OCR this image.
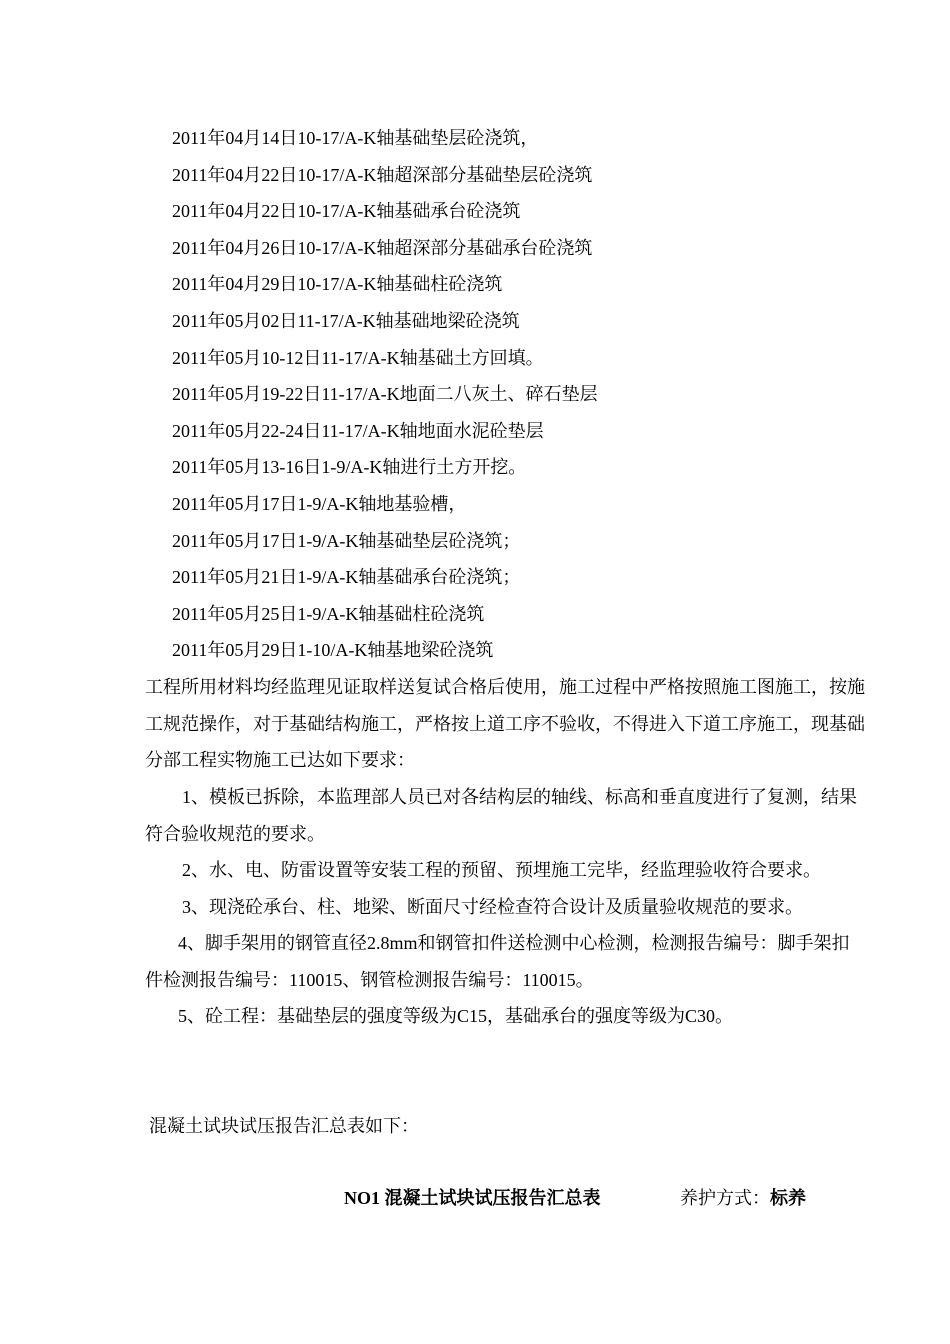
2011年04月14日10-17/A-K轴基础垫层砼浇筑，
2011年04月22日10-17/A-K轴超深部分基础垫层砼浇筑
2011年04月22日10-17/A-K轴基础承台砼浇筑
2011年04月26日10-17/A-K轴超深部分基础承台砼浇筑
2011年04月29日10-17/A-K轴基础柱砼浇筑
2011年05月02日11-17/A-K轴基础地梁砼浇筑
2011年05月10-12日11-17/A-K轴基础土方回填。
2011年05月19-22日11-17/A-K地面二八灰土、碎石垫层
2011年05月22-24日11-17/A-K轴地面水泥砼垫层
2011年05月13-16日1-9/A-K轴进行土方开挖。
2011年05月17日1-9/A-K轴地基验槽，
2011年05月17日1-9/A-K轴基础垫层砼浇筑；
2011年05月21日1-9/A-K轴基础承台砼浇筑；
2011年05月25日1-9/A-K轴基础柱砼浇筑
2011年05月29日1-10/A-K轴基地梁砼浇筑

工程所用材料均经监理见证取样送复试合格后使用，施工过程中严格按照施工图施工，按施工规范操作，对于基础结构施工，严格按上道工序不验收，不得进入下道工序施工，现基础分部工程实物施工已达如下要求：

1、模板已拆除，本监理部人员已对各结构层的轴线、标高和垂直度进行了复测，结果符合验收规范的要求。

2、水、电、防雷设置等安装工程的预留、预埋施工完毕，经监理验收符合要求。

3、现浇砼承台、柱、地梁、断面尺寸经检查符合设计及质量验收规范的要求。

4、脚手架用的钢管直径2.8mm和钢管扣件送检测中心检测，检测报告编号：脚手架扣件检测报告编号：110015、钢管检测报告编号：110015。

5、砼工程：基础垫层的强度等级为C15，基础承台的强度等级为C30。

混凝土试块试压报告汇总表如下：

NO1 混凝土试块试压报告汇总表	养护方式：标养
